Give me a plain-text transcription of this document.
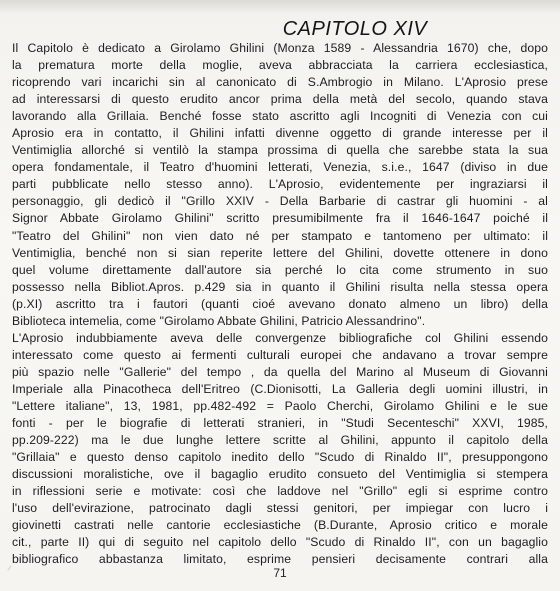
CAPITOLO XIV
Il Capitolo è dedicato a Girolamo Ghilini (Monza 1589 - Alessandria 1670) che, dopo
la prematura morte della moglie, aveva abbracciata la carriera ecclesiastica,
ricoprendo vari incarichi sin al canonicato di S.Ambrogio in Milano. L'Aprosio prese
ad interessarsi di questo erudito ancor prima della metà del secolo, quando stava
lavorando alla Grillaia. Benché fosse stato ascritto agli Incogniti di Venezia con cui
Aprosio era in contatto, il Ghilini infatti divenne oggetto di grande interesse per il
Ventimiglia allorché si ventilò la stampa prossima di quella che sarebbe stata la sua
opera fondamentale, il Teatro d'huomini letterati, Venezia, s.i.e., 1647 (diviso in due
parti pubblicate nello stesso anno). L'Aprosio, evidentemente per ingraziarsi il
personaggio, gli dedicò il "Grillo XXIV - Della Barbarie di castrar gli huomini - al
Signor Abbate Girolamo Ghilini" scritto presumibilmente fra il 1646-1647 poiché il
"Teatro del Ghilini" non vien dato né per stampato e tantomeno per ultimato: il
Ventimiglia, benché non si sian reperite lettere del Ghilini, dovette ottenere in dono
quel volume direttamente dall'autore sia perché lo cita come strumento in suo
possesso nella Bibliot.Apros. p.429 sia in quanto il Ghilini risulta nella stessa opera
(p.XI) ascritto tra i fautori (quanti cioé avevano donato almeno un libro) della
Biblioteca intemelia, come "Girolamo Abbate Ghilini, Patricio Alessandrino".
L'Aprosio indubbiamente aveva delle convergenze bibliografiche col Ghilini essendo
interessato come questo ai fermenti culturali europei che andavano a trovar sempre
più spazio nelle "Gallerie" del tempo , da quella del Marino al Museum di Giovanni
Imperiale alla Pinacotheca dell'Eritreo (C.Dionisotti, La Galleria degli uomini illustri, in
"Lettere italiane", 13, 1981, pp.482-492 = Paolo Cherchi, Girolamo Ghilini e le sue
fonti - per le biografie di letterati stranieri, in "Studi Secenteschi" XXVI, 1985,
pp.209-222) ma le due lunghe lettere scritte al Ghilini, appunto il capitolo della
"Grillaia" e questo denso capitolo inedito dello "Scudo di Rinaldo II", presuppongono
discussioni moralistiche, ove il bagaglio erudito consueto del Ventimiglia si stempera
in riflessioni serie e motivate: così che laddove nel "Grillo" egli si esprime contro
l'uso dell'evirazione, patrocinato dagli stessi genitori, per impiegar con lucro i
giovinetti castrati nelle cantorie ecclesiastiche (B.Durante, Aprosio critico e morale
cit., parte II) qui di seguito nel capitolo dello "Scudo di Rinaldo II", con un bagaglio
bibliografico abbastanza limitato, esprime pensieri decisamente contrari alla
71
